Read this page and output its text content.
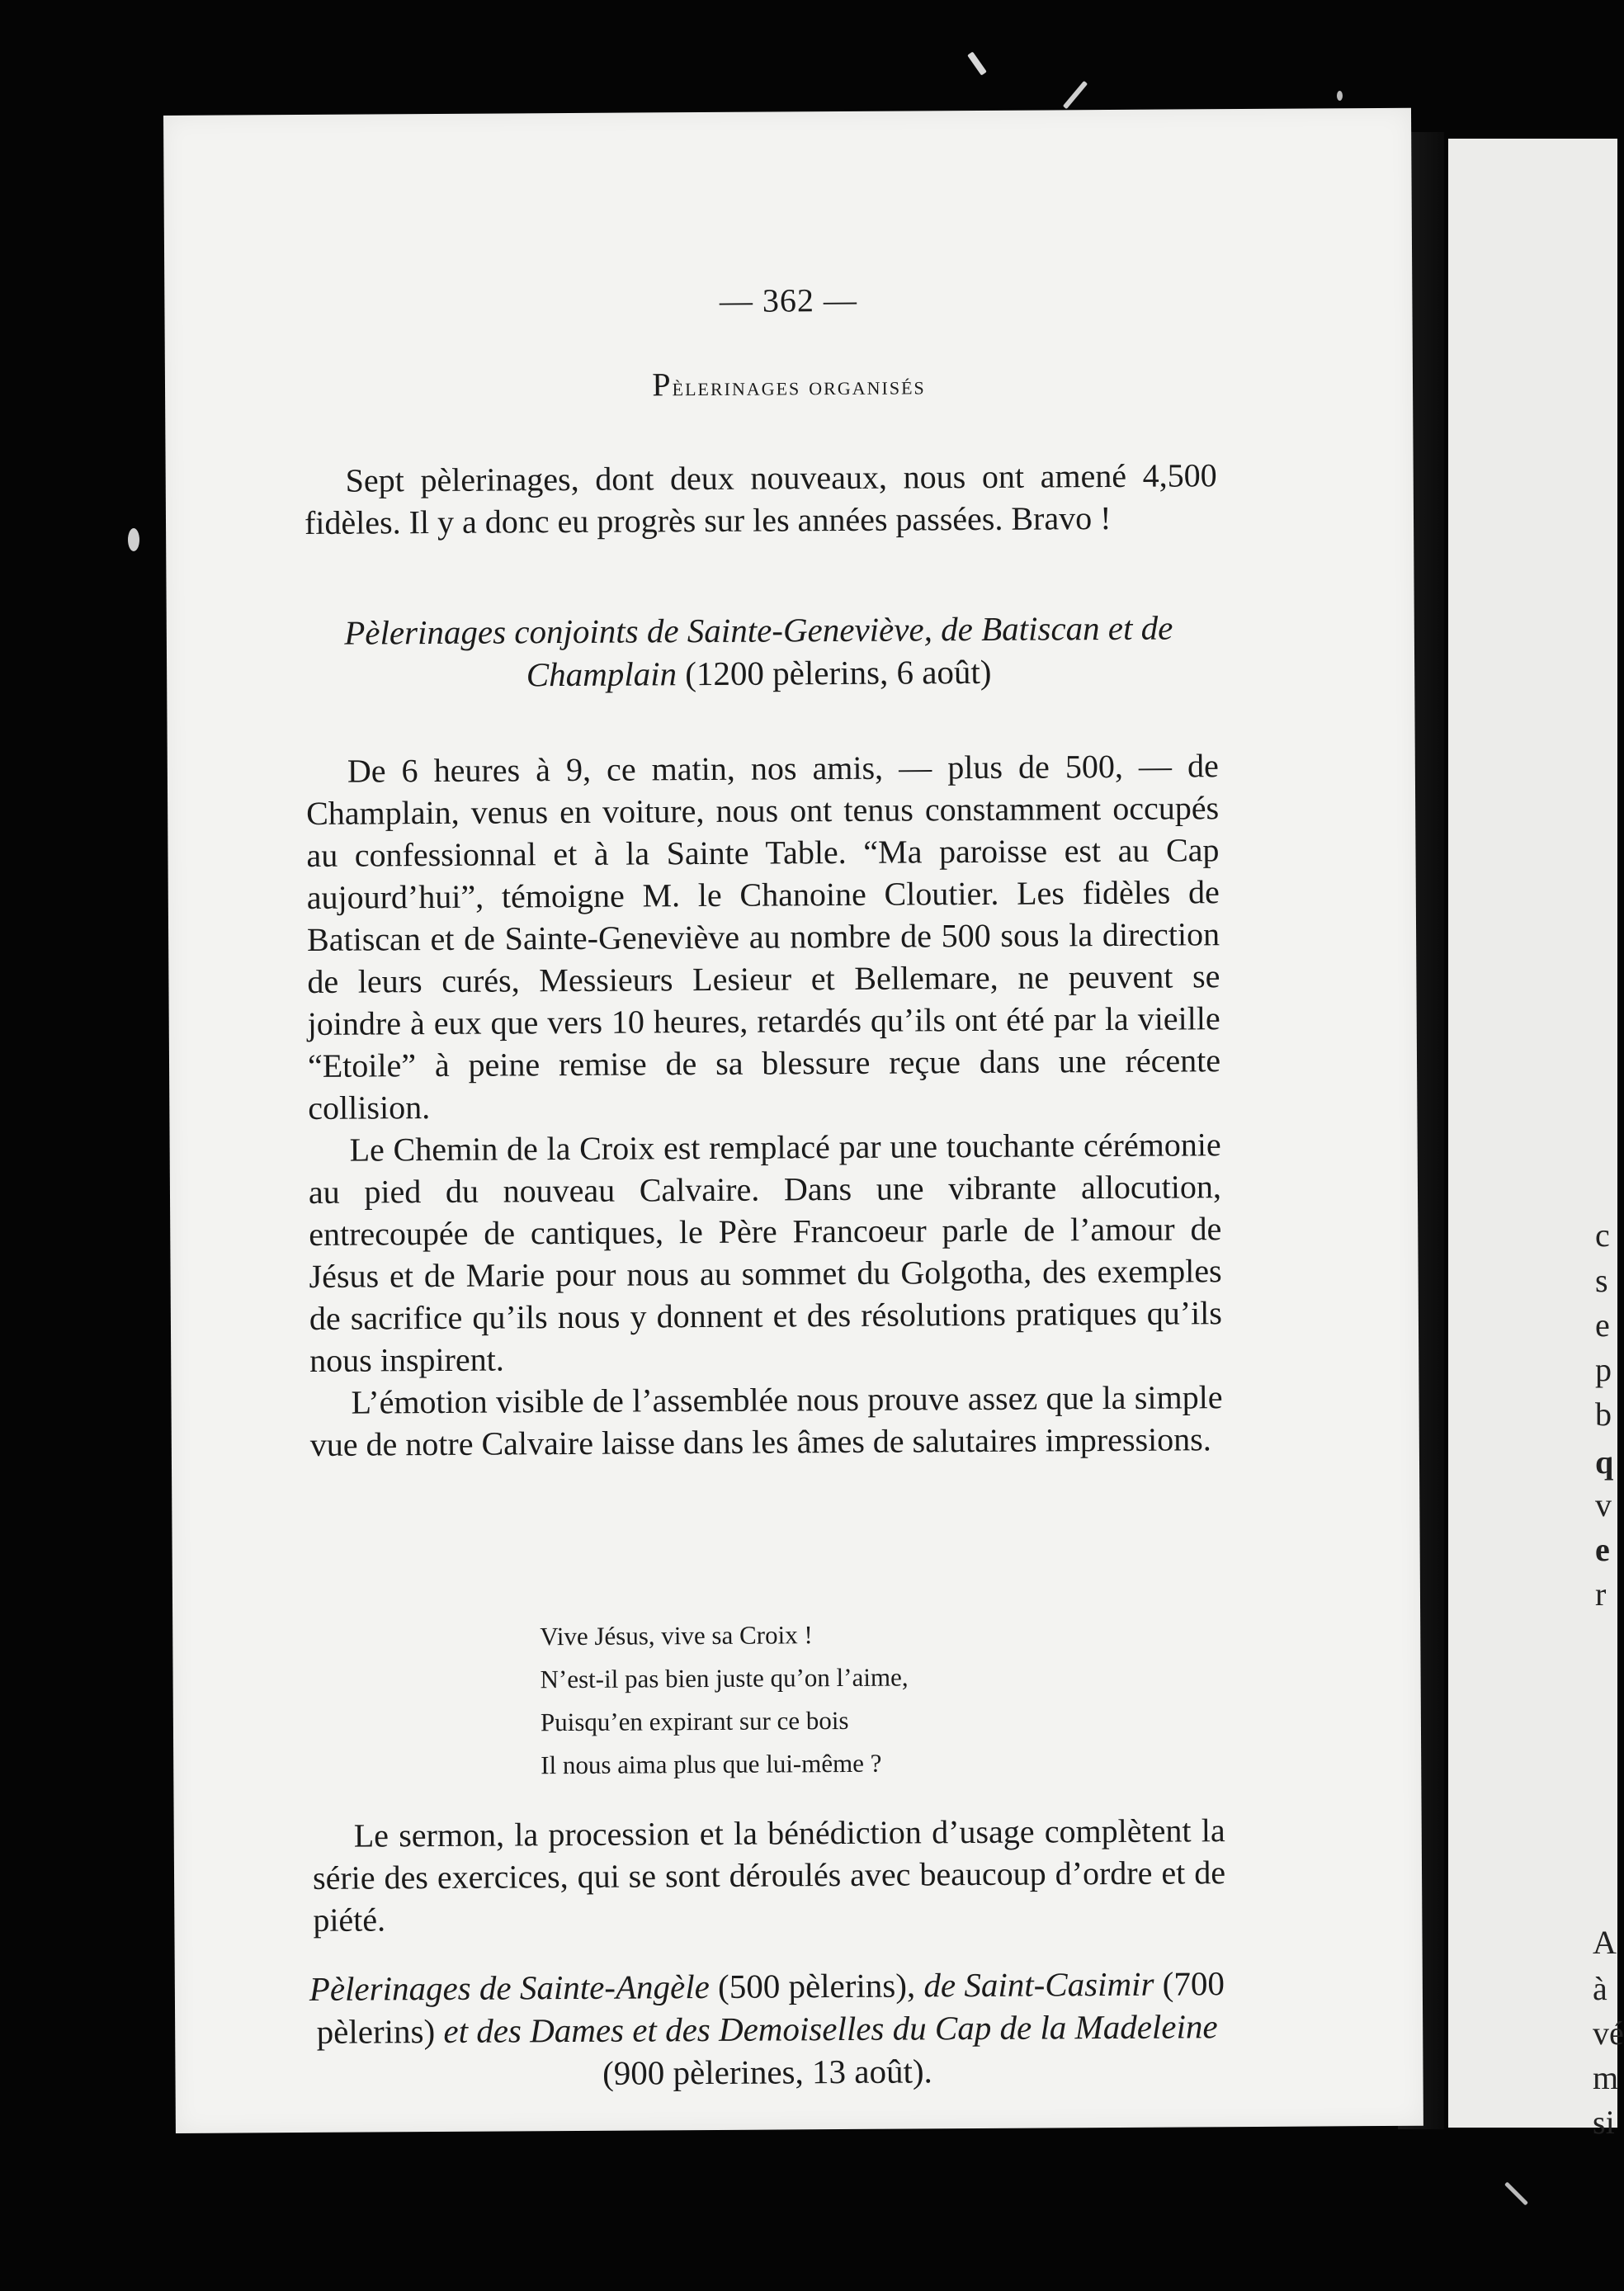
c
s
e
p
b
q
v
e
r
A
à
vé
m
si
— 362 —
Pèlerinages organisés

Sept pèlerinages, dont deux nouveaux, nous ont amené 4,500 fidèles. Il y a donc eu progrès sur les années passées. Bravo !

Pèlerinages conjoints de Sainte-Geneviève, de Batiscan et de Champlain (1200 pèlerins, 6 août)

De 6 heures à 9, ce matin, nos amis, — plus de 500, — de Champlain, venus en voiture, nous ont tenus constamment occupés au confessionnal et à la Sainte Table. “Ma paroisse est au Cap aujourd’hui”, témoigne M. le Chanoine Cloutier. Les fidèles de Batiscan et de Sainte-Geneviève au nombre de 500 sous la direction de leurs curés, Messieurs Lesieur et Bellemare, ne peuvent se joindre à eux que vers 10 heures, retardés qu’ils ont été par la vieille “Etoile” à peine remise de sa blessure reçue dans une récente collision.

Le Chemin de la Croix est remplacé par une touchante cérémonie au pied du nouveau Calvaire. Dans une vibrante allocution, entrecoupée de cantiques, le Père Francoeur parle de l’amour de Jésus et de Marie pour nous au sommet du Golgotha, des exemples de sacrifice qu’ils nous y donnent et des résolutions pratiques qu’ils nous inspirent.

L’émotion visible de l’assemblée nous prouve assez que la simple vue de notre Calvaire laisse dans les âmes de salutaires impressions.

Vive Jésus, vive sa Croix !
N’est-il pas bien juste qu’on l’aime,
Puisqu’en expirant sur ce bois
Il nous aima plus que lui-même ?

Le sermon, la procession et la bénédiction d’usage complètent la série des exercices, qui se sont déroulés avec beaucoup d’ordre et de piété.

Pèlerinages de Sainte-Angèle (500 pèlerins), de Saint-Casimir (700 pèlerins) et des Dames et des Demoiselles du Cap de la Madeleine (900 pèlerines, 13 août).
